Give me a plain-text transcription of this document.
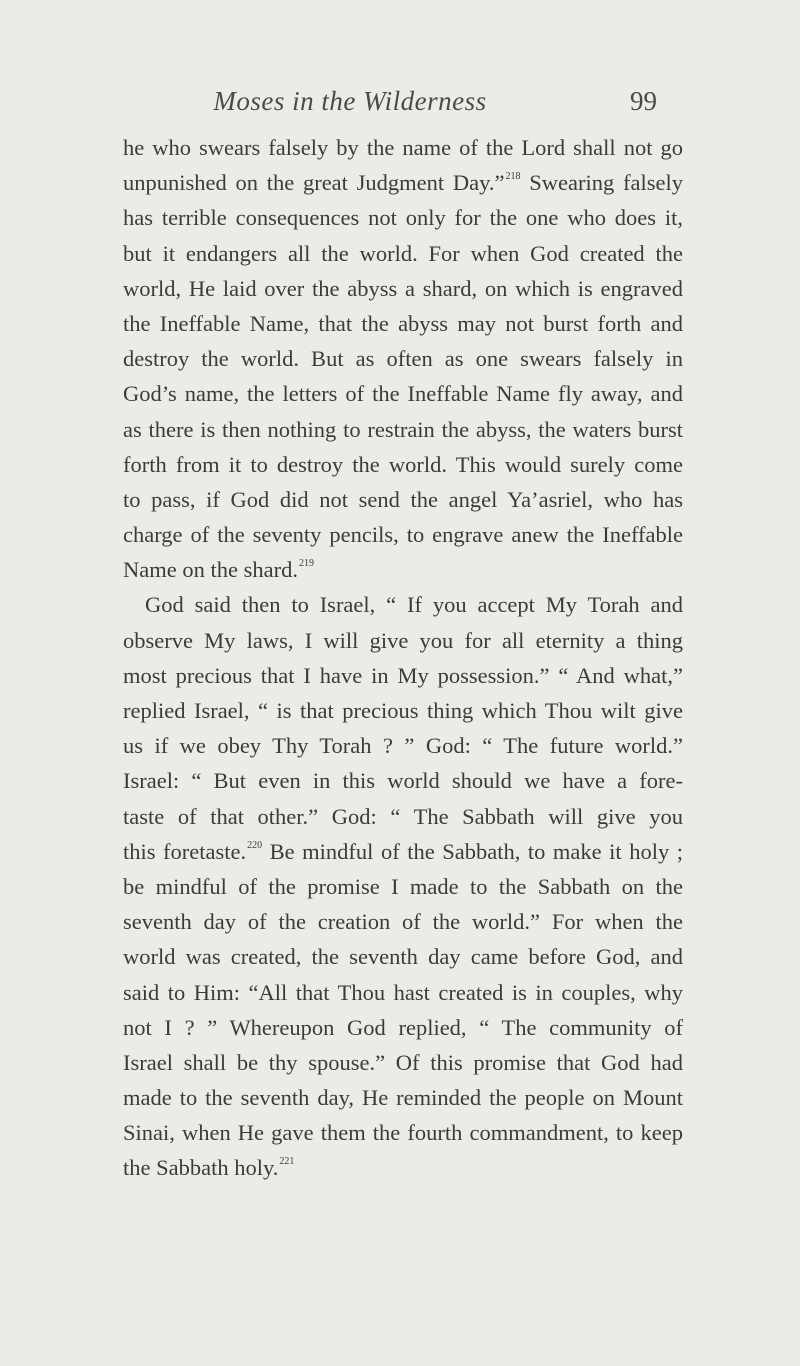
Moses in the Wilderness	99
he who swears falsely by the name of the Lord shall not go
unpunished on the great Judgment Day.”$^{218}$ Swearing falsely
has terrible consequences not only for the one who does it,
but it endangers all the world. For when God created the
world, He laid over the abyss a shard, on which is engraved
the Ineffable Name, that the abyss may not burst forth and
destroy the world. But as often as one swears falsely in
God’s name, the letters of the Ineffable Name fly away, and
as there is then nothing to restrain the abyss, the waters burst
forth from it to destroy the world. This would surely come
to pass, if God did not send the angel Ya’asriel, who has
charge of the seventy pencils, to engrave anew the Ineffable
Name on the shard.$^{219}$
God said then to Israel, “ If you accept My Torah and
observe My laws, I will give you for all eternity a thing
most precious that I have in My possession.” “ And what,”
replied Israel, “ is that precious thing which Thou wilt give
us if we obey Thy Torah ? ” God: “ The future world.”
Israel: “ But even in this world should we have a fore-
taste of that other.” God: “ The Sabbath will give you
this foretaste.$^{220}$ Be mindful of the Sabbath, to make it holy ;
be mindful of the promise I made to the Sabbath on the
seventh day of the creation of the world.” For when the
world was created, the seventh day came before God, and
said to Him: “All that Thou hast created is in couples, why
not I ? ” Whereupon God replied, “ The community of
Israel shall be thy spouse.” Of this promise that God had
made to the seventh day, He reminded the people on Mount
Sinai, when He gave them the fourth commandment, to keep
the Sabbath holy.$^{221}$
